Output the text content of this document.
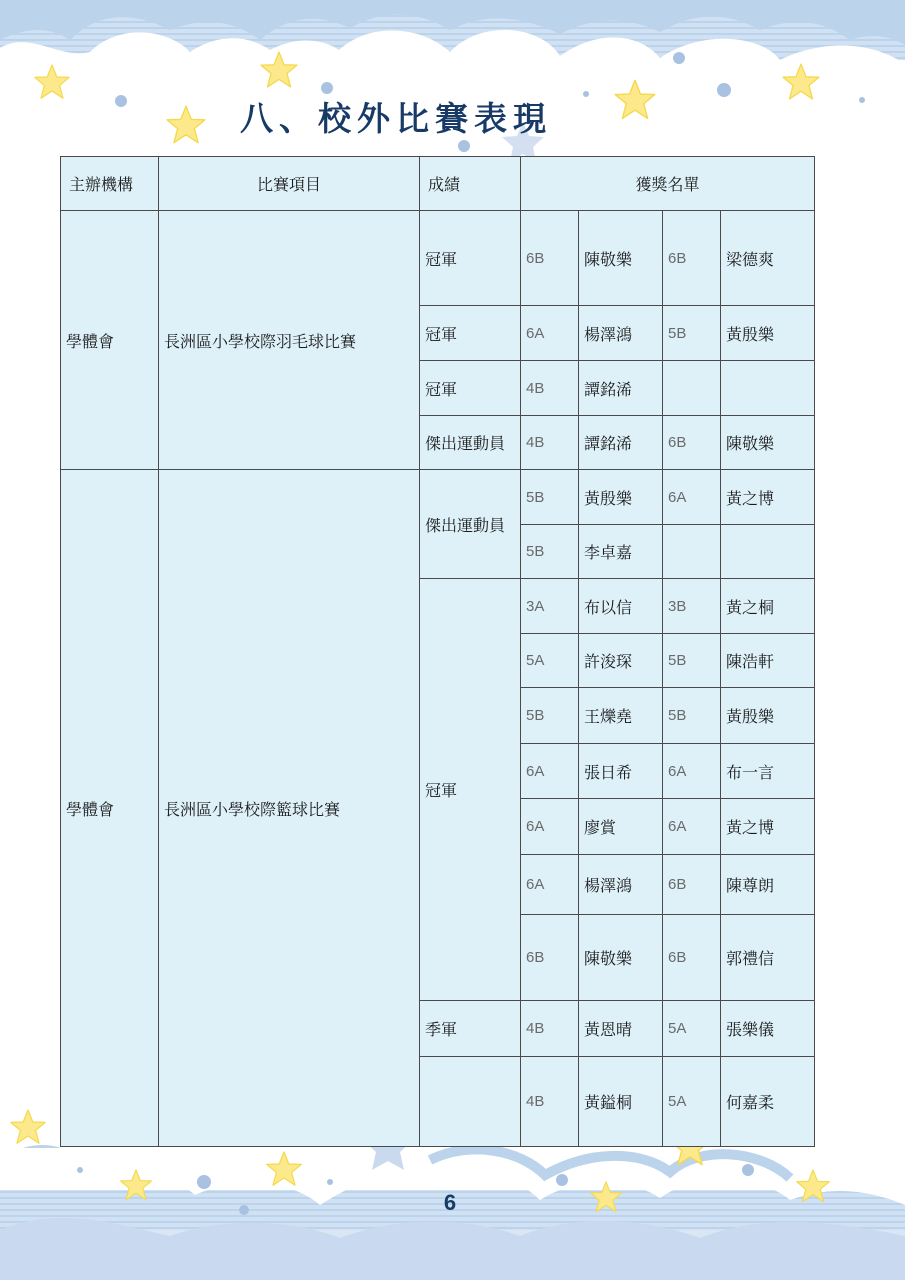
八、校外比賽表現
主辦機構	比賽項目	成績	獲獎名單			
學體會	長洲區小學校際羽毛球比賽	冠軍	6B	陳敬樂	6B	梁德爽
		冠軍	6A	楊澤鴻	5B	黃殷樂
		冠軍	4B	譚銘浠		
		傑出運動員	4B	譚銘浠	6B	陳敬樂
學體會	長洲區小學校際籃球比賽	傑出運動員	5B	黃殷樂	6A	黃之博
			5B	李卓嘉		
		冠軍	3A	布以信	3B	黃之桐
			5A	許浚琛	5B	陳浩軒
			5B	王爍堯	5B	黃殷樂
			6A	張日希	6A	布一言
			6A	廖賞	6A	黃之博
			6A	楊澤鴻	6B	陳尊朗
			6B	陳敬樂	6B	郭禮信
		季軍	4B	黃恩晴	5A	張樂儀
			4B	黃鎰桐	5A	何嘉柔
6
